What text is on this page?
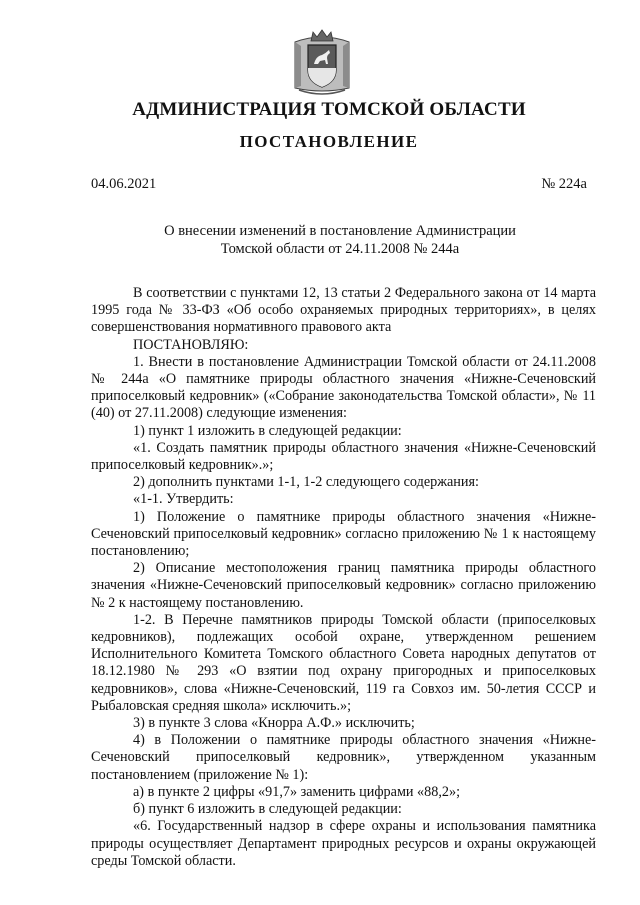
АДМИНИСТРАЦИЯ ТОМСКОЙ ОБЛАСТИ
ПОСТАНОВЛЕНИЕ
04.06.2021	№ 224а
О внесении изменений в постановление Администрации
Томской области от 24.11.2008 № 244а

В соответствии с пунктами 12, 13 статьи 2 Федерального закона от 14 марта 1995 года № 33-ФЗ «Об особо охраняемых природных территориях», в целях совершенствования нормативного правового акта

ПОСТАНОВЛЯЮ:

1. Внести в постановление Администрации Томской области от 24.11.2008 № 244а «О памятнике природы областного значения «Нижне-Сеченовский припоселковый кедровник» («Собрание законодательства Томской области», № 11 (40) от 27.11.2008) следующие изменения:

1) пункт 1 изложить в следующей редакции:

«1. Создать памятник природы областного значения «Нижне-Сеченовский припоселковый кедровник».»;

2) дополнить пунктами 1-1, 1-2 следующего содержания:

«1-1. Утвердить:

1) Положение о памятнике природы областного значения «Нижне-Сеченовский припоселковый кедровник» согласно приложению № 1 к настоящему постановлению;

2) Описание местоположения границ памятника природы областного значения «Нижне-Сеченовский припоселковый кедровник» согласно приложению № 2 к настоящему постановлению.

1-2. В Перечне памятников природы Томской области (припоселковых кедровников), подлежащих особой охране, утвержденном решением Исполнительного Комитета Томского областного Совета народных депутатов от 18.12.1980 № 293 «О взятии под охрану пригородных и припоселковых кедровников», слова «Нижне-Сеченовский, 119 га Совхоз им. 50-летия СССР и Рыбаловская средняя школа» исключить.»;

3) в пункте 3 слова «Кнорра А.Ф.» исключить;

4) в Положении о памятнике природы областного значения «Нижне-Сеченовский припоселковый кедровник», утвержденном указанным постановлением (приложение № 1):

а) в пункте 2 цифры «91,7» заменить цифрами «88,2»;

б) пункт 6 изложить в следующей редакции:

«6. Государственный надзор в сфере охраны и использования памятника природы осуществляет Департамент природных ресурсов и охраны окружающей среды Томской области.
